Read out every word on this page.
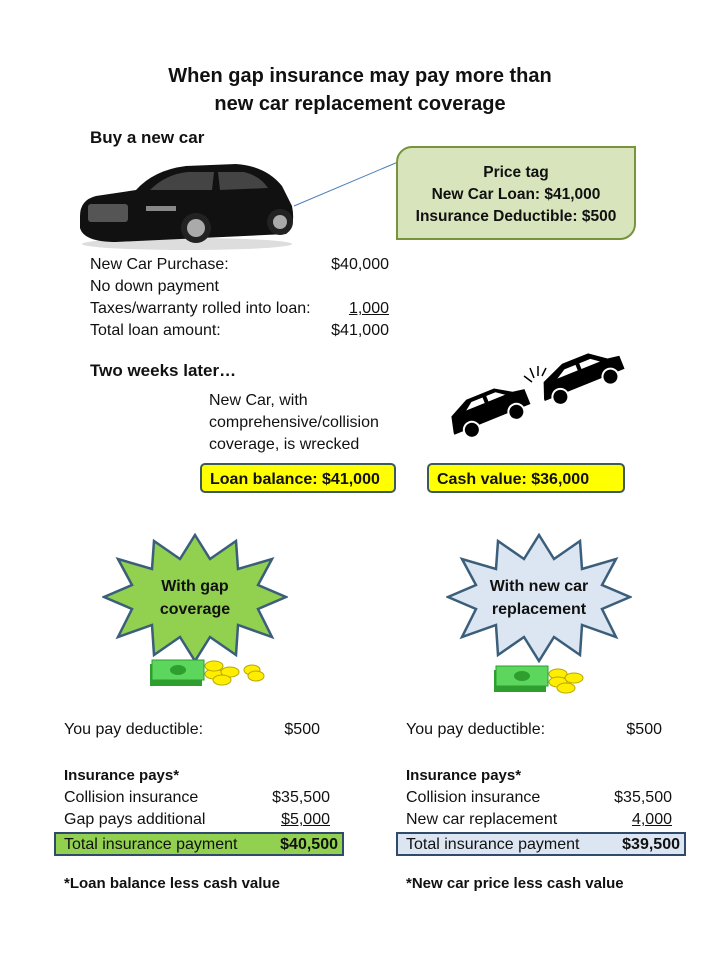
When gap insurance may pay more than
new car replacement coverage
Buy a new car
Price tag
New Car Loan: $41,000
Insurance Deductible: $500
New Car Purchase:	$40,000
No down payment
Taxes/warranty rolled into loan: 1,000
Total loan amount:	$41,000
Two weeks later…
New Car, with
comprehensive/collision
coverage, is wrecked
Loan balance: $41,000	Cash value: $36,000
With gap
coverage
With new car
replacement
You pay deductible:	$500
Insurance pays*
Collision insurance	$35,500
Gap pays additional	$5,000
Total insurance payment	$40,500
*Loan balance less cash value
You pay deductible:	$500
Insurance pays*
Collision insurance	$35,500
New car replacement	4,000
Total insurance payment	$39,500
*New car price less cash value
